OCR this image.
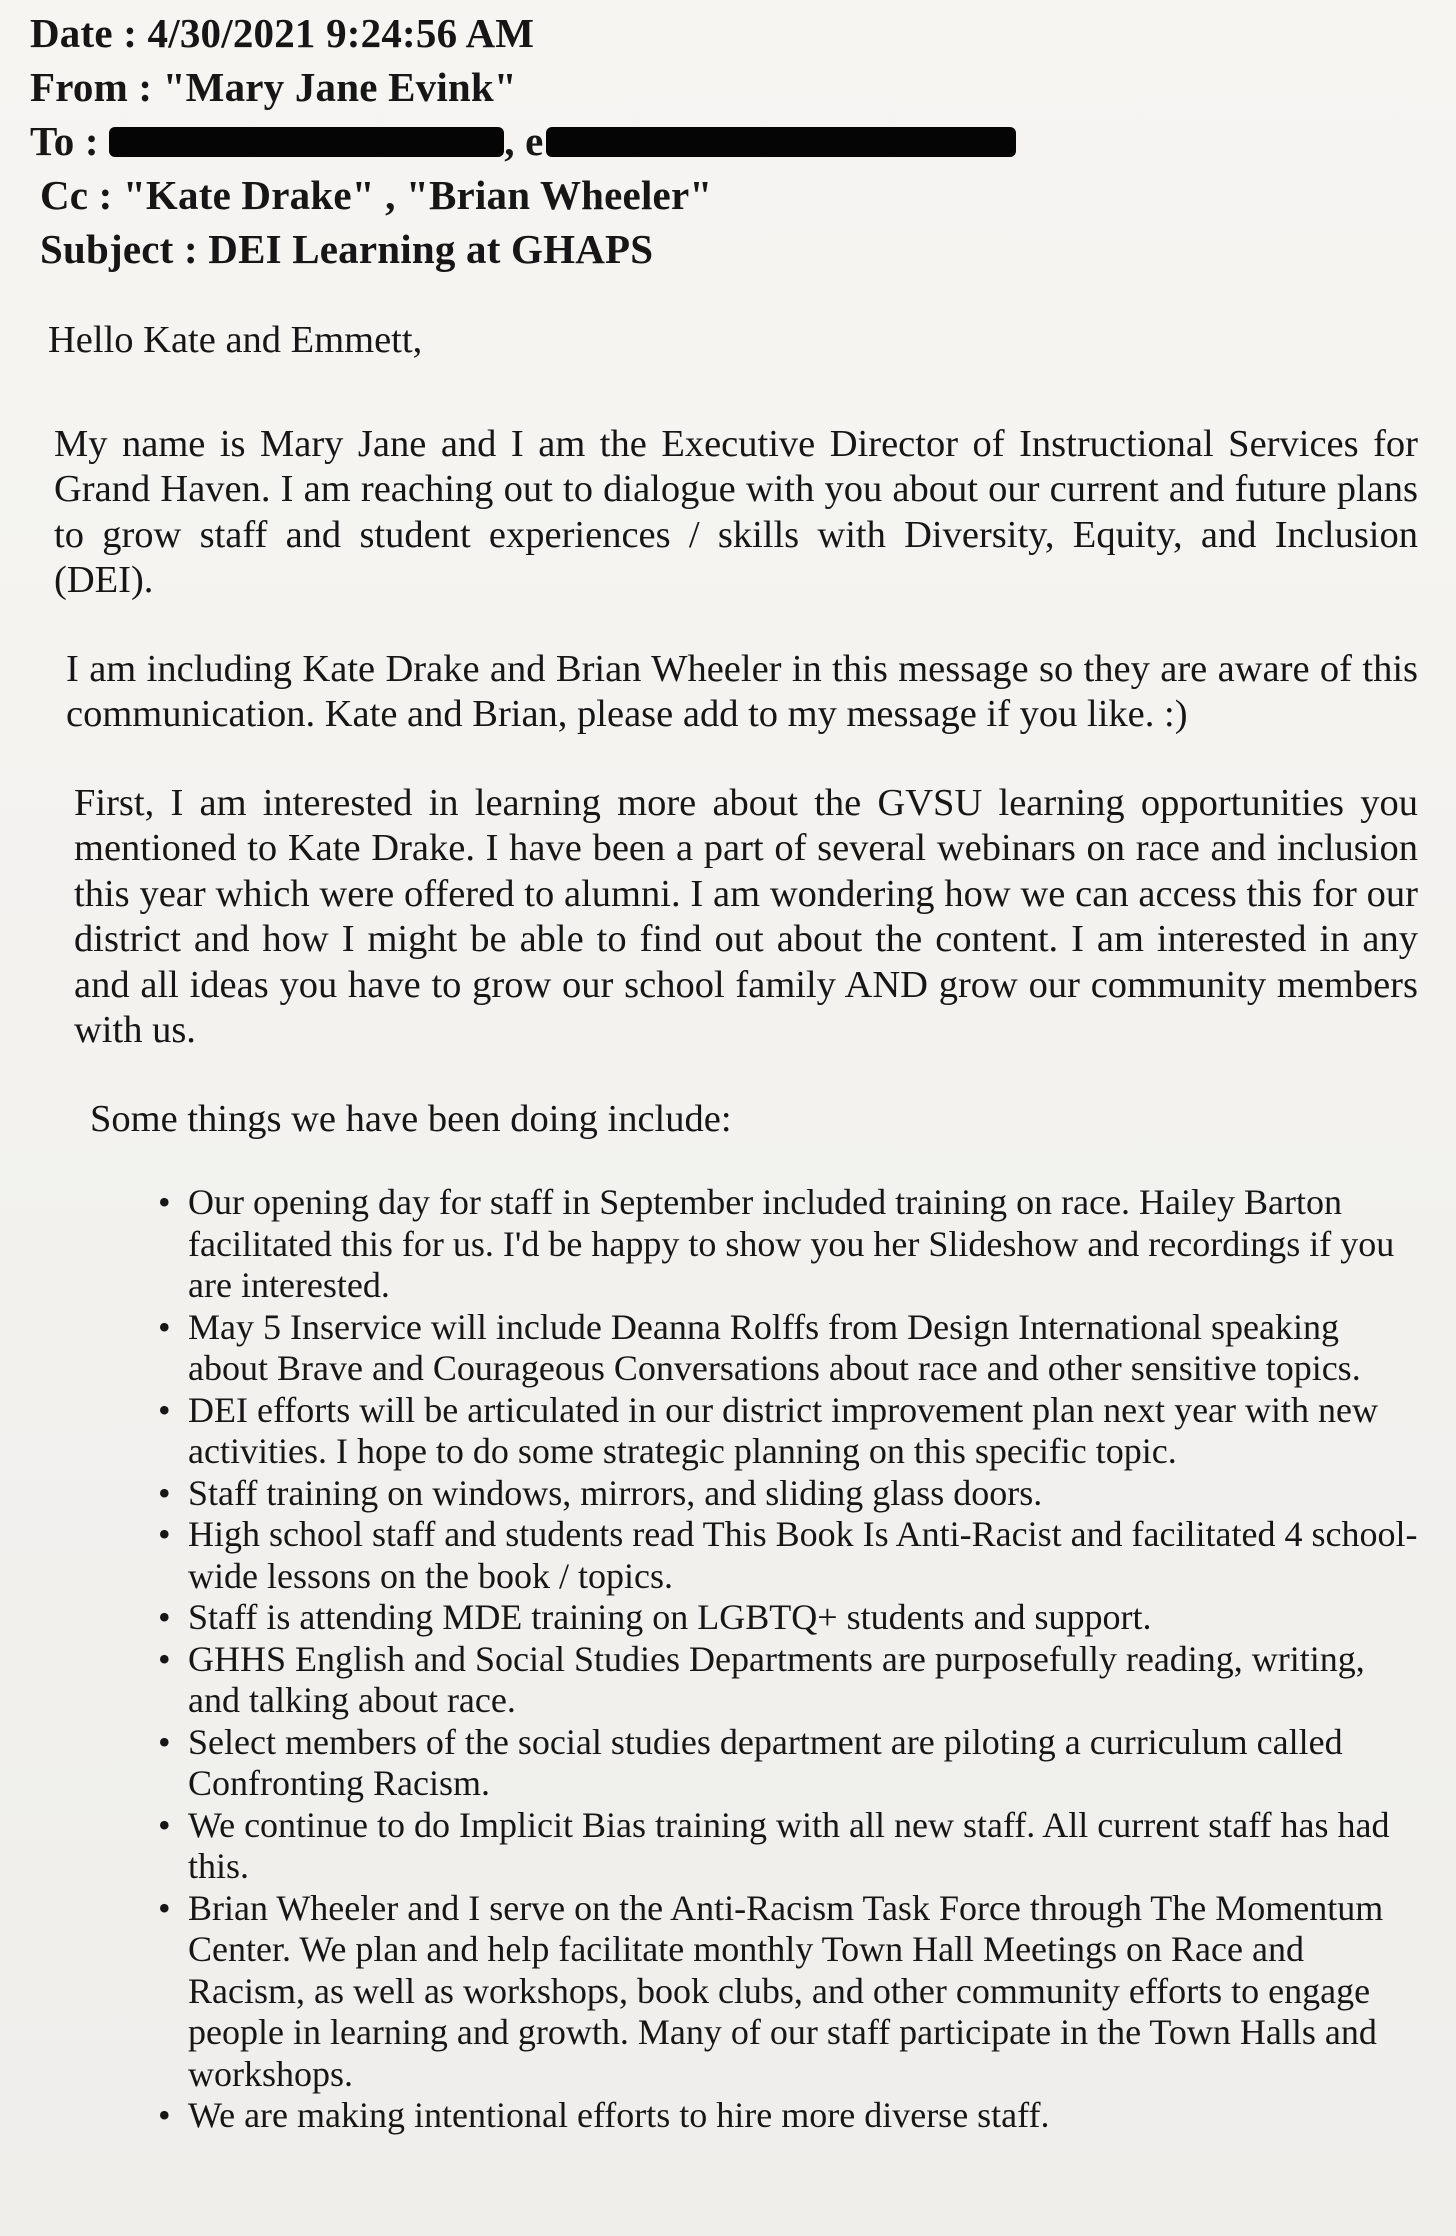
Date : 4/30/2021 9:24:56 AM
From : "Mary Jane Evink"
To :	, e
Cc : "Kate Drake" , "Brian Wheeler"
Subject : DEI Learning at GHAPS

Hello Kate and Emmett,

My name is Mary Jane and I am the Executive Director of Instructional Services for Grand Haven. I am reaching out to dialogue with you about our current and future plans to grow staff and student experiences / skills with Diversity, Equity, and Inclusion (DEI).

I am including Kate Drake and Brian Wheeler in this message so they are aware of this communication. Kate and Brian, please add to my message if you like. :)

First, I am interested in learning more about the GVSU learning opportunities you mentioned to Kate Drake. I have been a part of several webinars on race and inclusion this year which were offered to alumni. I am wondering how we can access this for our district and how I might be able to find out about the content. I am interested in any and all ideas you have to grow our school family AND grow our community members with us.

Some things we have been doing include:

• Our opening day for staff in September included training on race. Hailey Barton facilitated this for us. I'd be happy to show you her Slideshow and recordings if you are interested.
• May 5 Inservice will include Deanna Rolffs from Design International speaking about Brave and Courageous Conversations about race and other sensitive topics.
• DEI efforts will be articulated in our district improvement plan next year with new activities. I hope to do some strategic planning on this specific topic.
• Staff training on windows, mirrors, and sliding glass doors.
• High school staff and students read This Book Is Anti-Racist and facilitated 4 school-wide lessons on the book / topics.
• Staff is attending MDE training on LGBTQ+ students and support.
• GHHS English and Social Studies Departments are purposefully reading, writing, and talking about race.
• Select members of the social studies department are piloting a curriculum called Confronting Racism.
• We continue to do Implicit Bias training with all new staff. All current staff has had this.
• Brian Wheeler and I serve on the Anti-Racism Task Force through The Momentum Center. We plan and help facilitate monthly Town Hall Meetings on Race and Racism, as well as workshops, book clubs, and other community efforts to engage people in learning and growth. Many of our staff participate in the Town Halls and workshops.
• We are making intentional efforts to hire more diverse staff.
